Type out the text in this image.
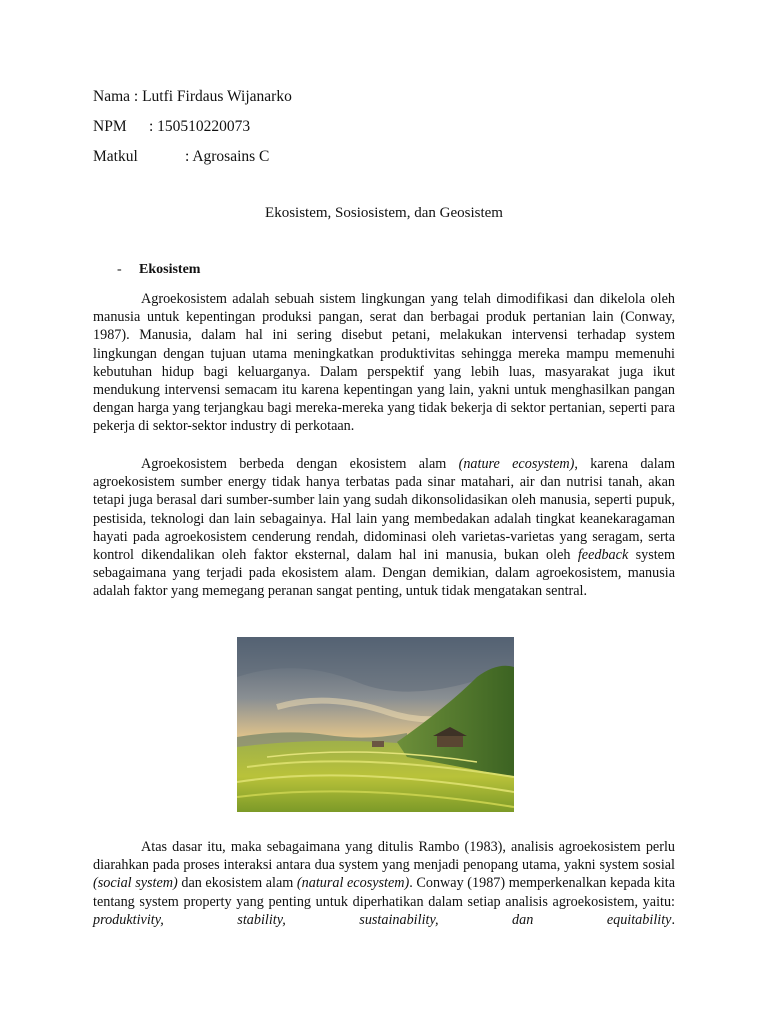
Nama : Lutfi Firdaus Wijanarko
NPM : 150510220073
Matkul	: Agrosains C
Ekosistem, Sosiosistem, dan Geosistem
- Ekosistem

Agroekosistem adalah sebuah sistem lingkungan yang telah dimodifikasi dan dikelola oleh manusia untuk kepentingan produksi pangan, serat dan berbagai produk pertanian lain (Conway, 1987). Manusia, dalam hal ini sering disebut petani, melakukan intervensi terhadap system lingkungan dengan tujuan utama meningkatkan produktivitas sehingga mereka mampu memenuhi kebutuhan hidup bagi keluarganya. Dalam perspektif yang lebih luas, masyarakat juga ikut mendukung intervensi semacam itu karena kepentingan yang lain, yakni untuk menghasilkan pangan dengan harga yang terjangkau bagi mereka-mereka yang tidak bekerja di sektor pertanian, seperti para pekerja di sektor-sektor industry di perkotaan.

Agroekosistem berbeda dengan ekosistem alam (nature ecosystem), karena dalam agroekosistem sumber energy tidak hanya terbatas pada sinar matahari, air dan nutrisi tanah, akan tetapi juga berasal dari sumber-sumber lain yang sudah dikonsolidasikan oleh manusia, seperti pupuk, pestisida, teknologi dan lain sebagainya. Hal lain yang membedakan adalah tingkat keanekaragaman hayati pada agroekosistem cenderung rendah, didominasi oleh varietas-varietas yang seragam, serta kontrol dikendalikan oleh faktor eksternal, dalam hal ini manusia, bukan oleh feedback system sebagaimana yang terjadi pada ekosistem alam. Dengan demikian, dalam agroekosistem, manusia adalah faktor yang memegang peranan sangat penting, untuk tidak mengatakan sentral.

Atas dasar itu, maka sebagaimana yang ditulis Rambo (1983), analisis agroekosistem perlu diarahkan pada proses interaksi antara dua system yang menjadi penopang utama, yakni system sosial (social system) dan ekosistem alam (natural ecosystem). Conway (1987) memperkenalkan kepada kita tentang system property yang penting untuk diperhatikan dalam setiap analisis agroekosistem, yaitu: produktivity, stability, sustainability, dan equitability.
